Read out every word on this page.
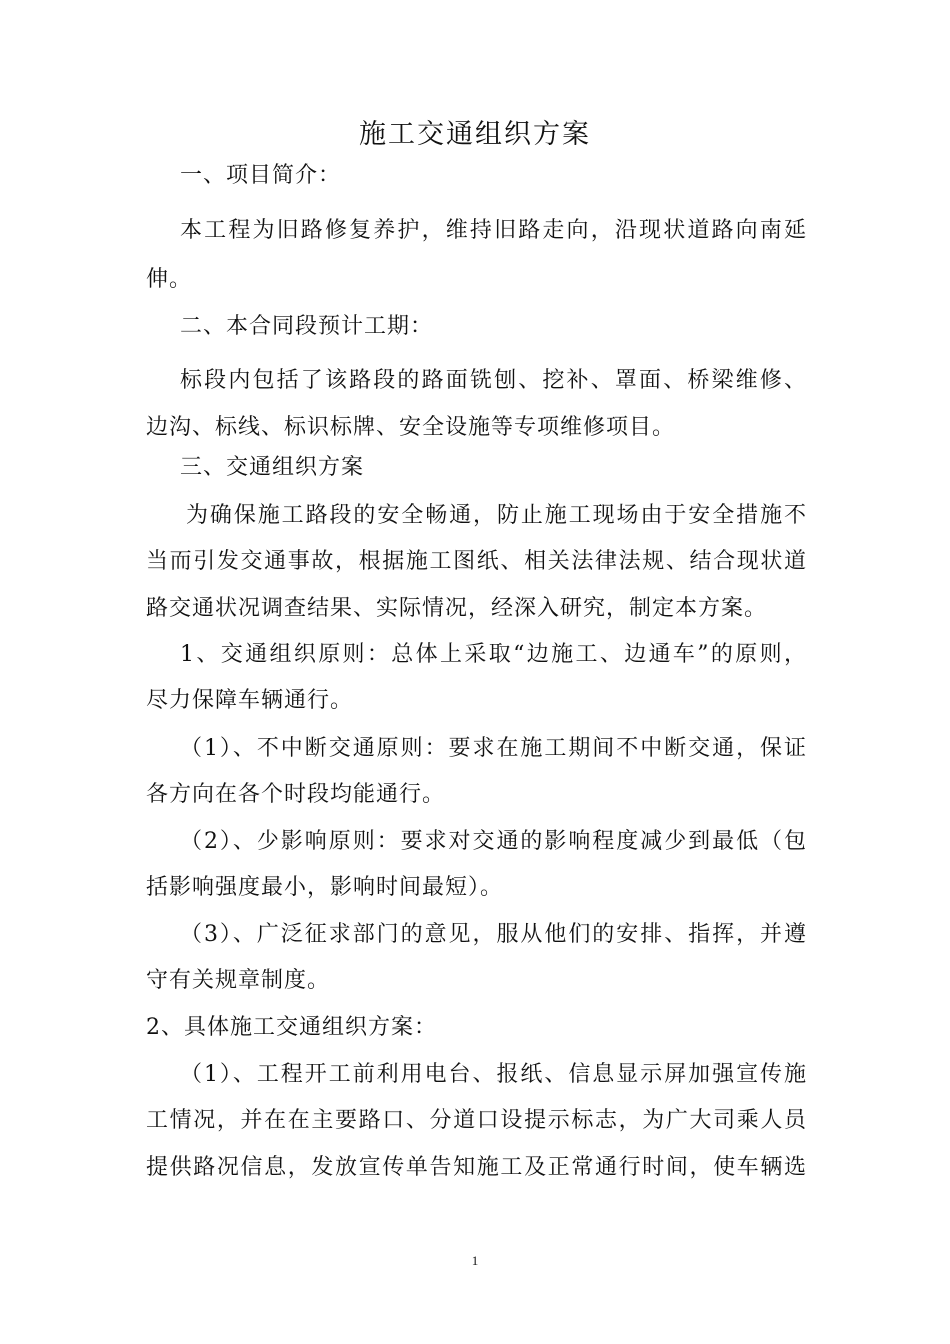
施工交通组织方案
一、项目简介：
本工程为旧路修复养护，维持旧路走向，沿现状道路向南延
伸。
二、本合同段预计工期：
标段内包括了该路段的路面铣刨、挖补、罩面、桥梁维修、
边沟、标线、标识标牌、安全设施等专项维修项目。
三、交通组织方案
为确保施工路段的安全畅通，防止施工现场由于安全措施不
当而引发交通事故，根据施工图纸、相关法律法规、结合现状道
路交通状况调查结果、实际情况，经深入研究，制定本方案。
1、交通组织原则：总体上采取“边施工、边通车”的原则，
尽力保障车辆通行。
（1）、不中断交通原则：要求在施工期间不中断交通，保证
各方向在各个时段均能通行。
（2）、少影响原则：要求对交通的影响程度减少到最低（包
括影响强度最小，影响时间最短）。
（3）、广泛征求部门的意见，服从他们的安排、指挥，并遵
守有关规章制度。
2、具体施工交通组织方案：
（1）、工程开工前利用电台、报纸、信息显示屏加强宣传施
工情况，并在在主要路口、分道口设提示标志，为广大司乘人员
提供路况信息，发放宣传单告知施工及正常通行时间，使车辆选
1
